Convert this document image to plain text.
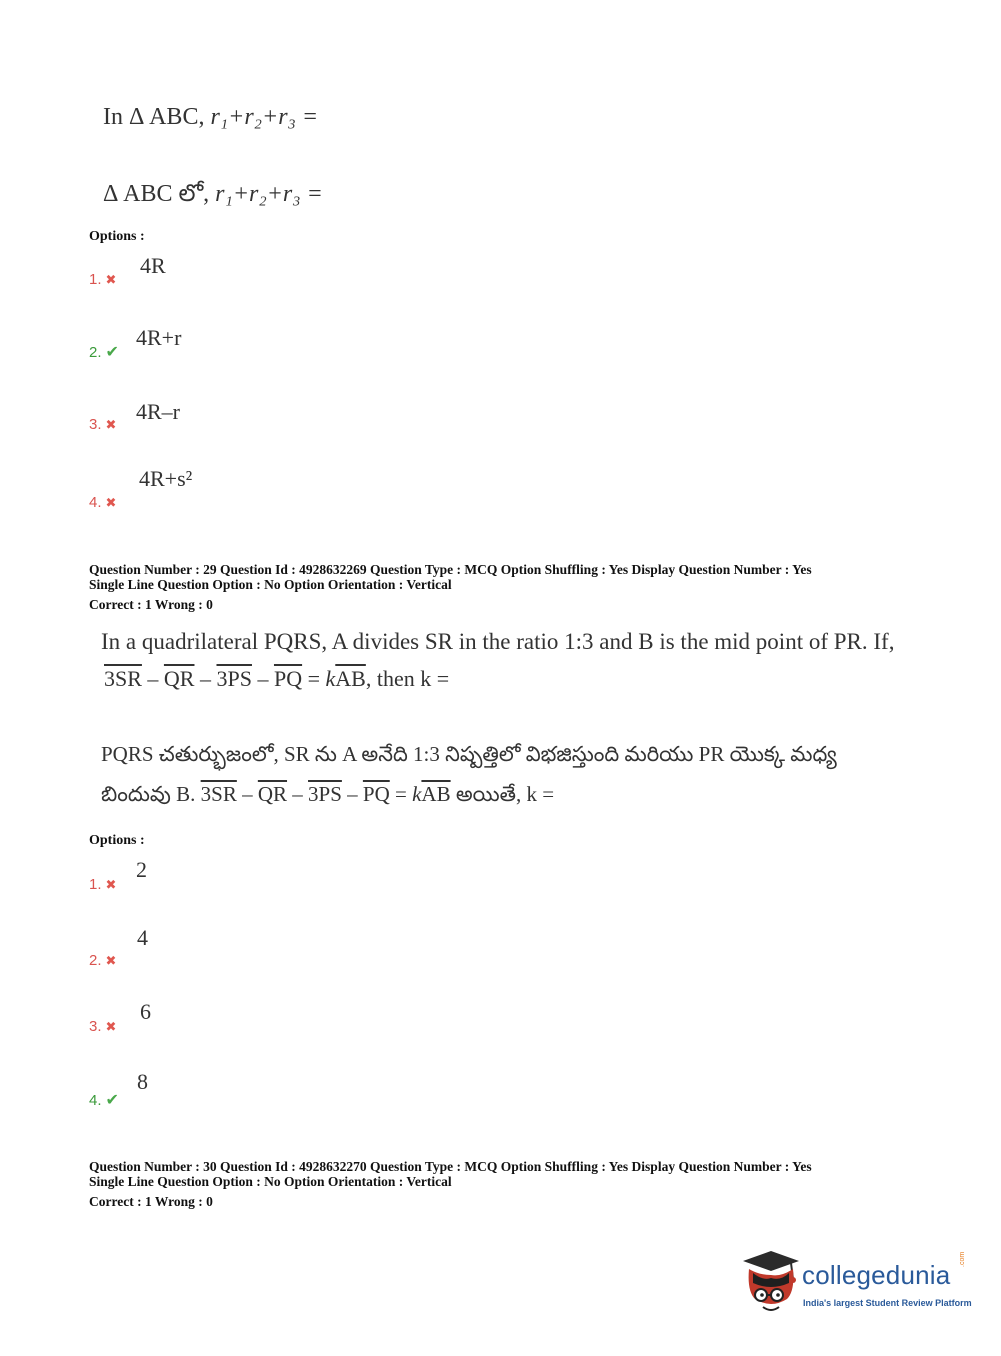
In Δ ABC, r₁+r₂+r₃ =
Δ ABC లో, r₁+r₂+r₃ =
Options :
1. ✖
4R
2. ✔
4R+r
3. ✖
4R–r
4. ✖
4R+s²
Question Number : 29 Question Id : 4928632269 Question Type : MCQ Option Shuffling : Yes Display Question Number : Yes
Single Line Question Option : No Option Orientation : Vertical
Correct : 1 Wrong : 0
In a quadrilateral PQRS, A divides SR in the ratio 1:3 and B is the mid point of PR. If,
$3SR - \overline{QR} - 3PS - \overline{PQ} = k\overline{AB}$, then k =
PQRS చతుర్భుజంలో, SR ను A అనేది 1:3 నిష్పత్తిలో విభజిస్తుంది మరియు PR యొక్క మధ్య
బిందువు B. $3SR - \overline{QR} - 3PS - \overline{PQ} = k\overline{AB}$ అయితే, k =
Options :
1. ✖
2
2. ✖
4
3. ✖
6
4. ✔
8
Question Number : 30 Question Id : 4928632270 Question Type : MCQ Option Shuffling : Yes Display Question Number : Yes
Single Line Question Option : No Option Orientation : Vertical
Correct : 1 Wrong : 0
collegedunia
.com
India's largest Student Review Platform
